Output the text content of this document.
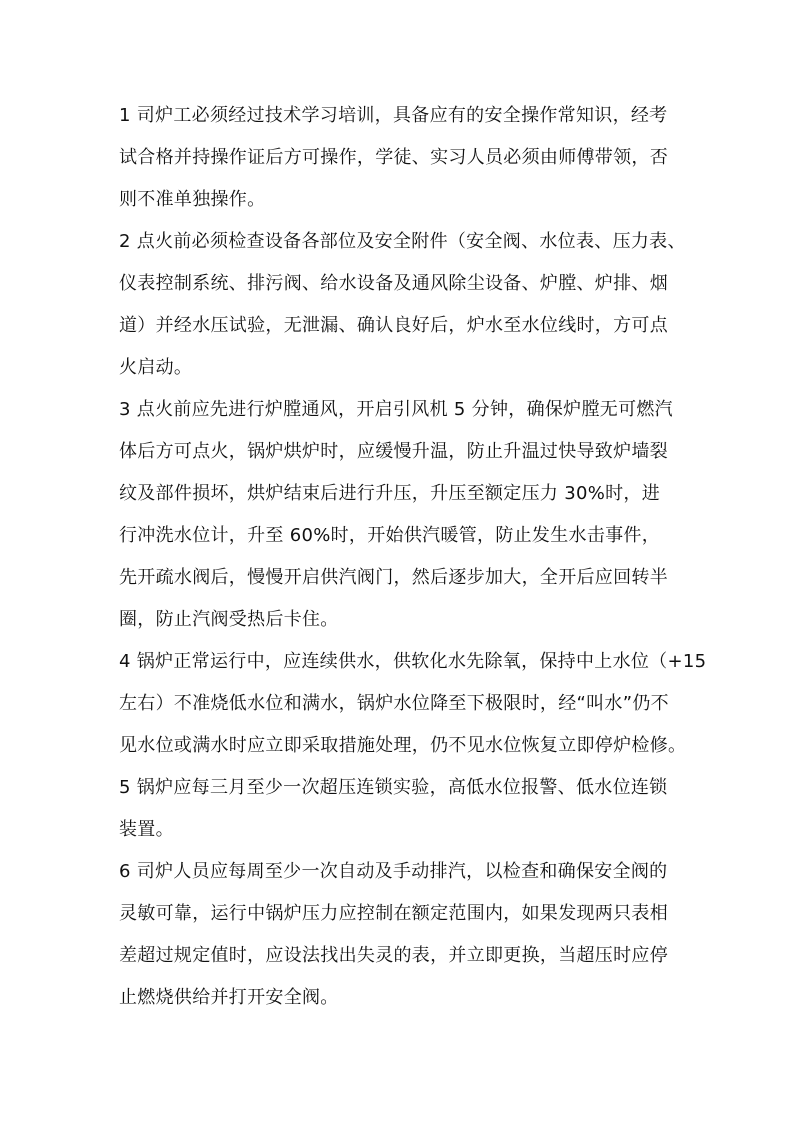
1 司炉工必须经过技术学习培训，具备应有的安全操作常知识，经考
试合格并持操作证后方可操作，学徒、实习人员必须由师傅带领，否
则不准单独操作。
2 点火前必须检查设备各部位及安全附件（安全阀、水位表、压力表、
仪表控制系统、排污阀、给水设备及通风除尘设备、炉膛、炉排、烟
道）并经水压试验，无泄漏、确认良好后，炉水至水位线时，方可点
火启动。
3 点火前应先进行炉膛通风，开启引风机 5 分钟，确保炉膛无可燃汽
体后方可点火，锅炉烘炉时，应缓慢升温，防止升温过快导致炉墙裂
纹及部件损坏，烘炉结束后进行升压，升压至额定压力 30%时，进
行冲洗水位计，升至 60%时，开始供汽暖管，防止发生水击事件，
先开疏水阀后，慢慢开启供汽阀门，然后逐步加大，全开后应回转半
圈，防止汽阀受热后卡住。
4 锅炉正常运行中，应连续供水，供软化水先除氧，保持中上水位（+15
左右）不准烧低水位和满水，锅炉水位降至下极限时，经“叫水”仍不
见水位或满水时应立即采取措施处理，仍不见水位恢复立即停炉检修。
5 锅炉应每三月至少一次超压连锁实验，高低水位报警、低水位连锁
装置。
6 司炉人员应每周至少一次自动及手动排汽，以检查和确保安全阀的
灵敏可靠，运行中锅炉压力应控制在额定范围内，如果发现两只表相
差超过规定值时，应设法找出失灵的表，并立即更换，当超压时应停
止燃烧供给并打开安全阀。
